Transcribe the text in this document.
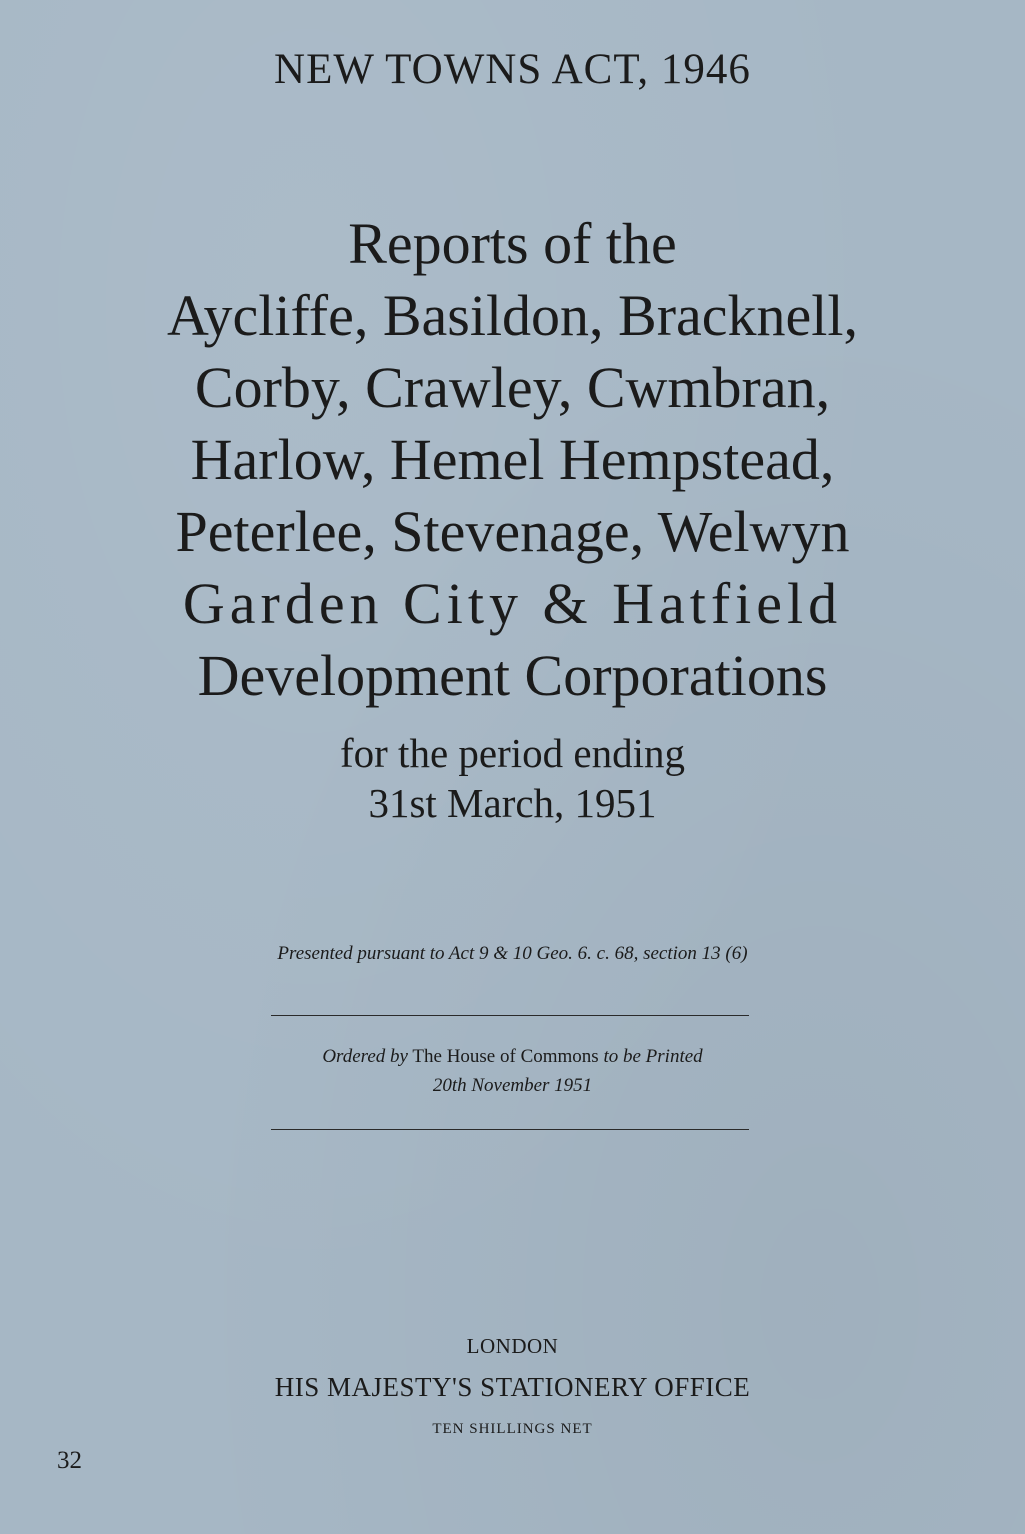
NEW TOWNS ACT, 1946
Reports of the
Aycliffe, Basildon, Bracknell,
Corby, Crawley, Cwmbran,
Harlow, Hemel Hempstead,
Peterlee, Stevenage, Welwyn
Garden City & Hatfield
Development Corporations
for the period ending
31st March, 1951
Presented pursuant to Act 9 & 10 Geo. 6. c. 68, section 13 (6)
Ordered by The House of Commons to be Printed
20th November 1951
LONDON
HIS MAJESTY'S STATIONERY OFFICE
TEN SHILLINGS NET
32
